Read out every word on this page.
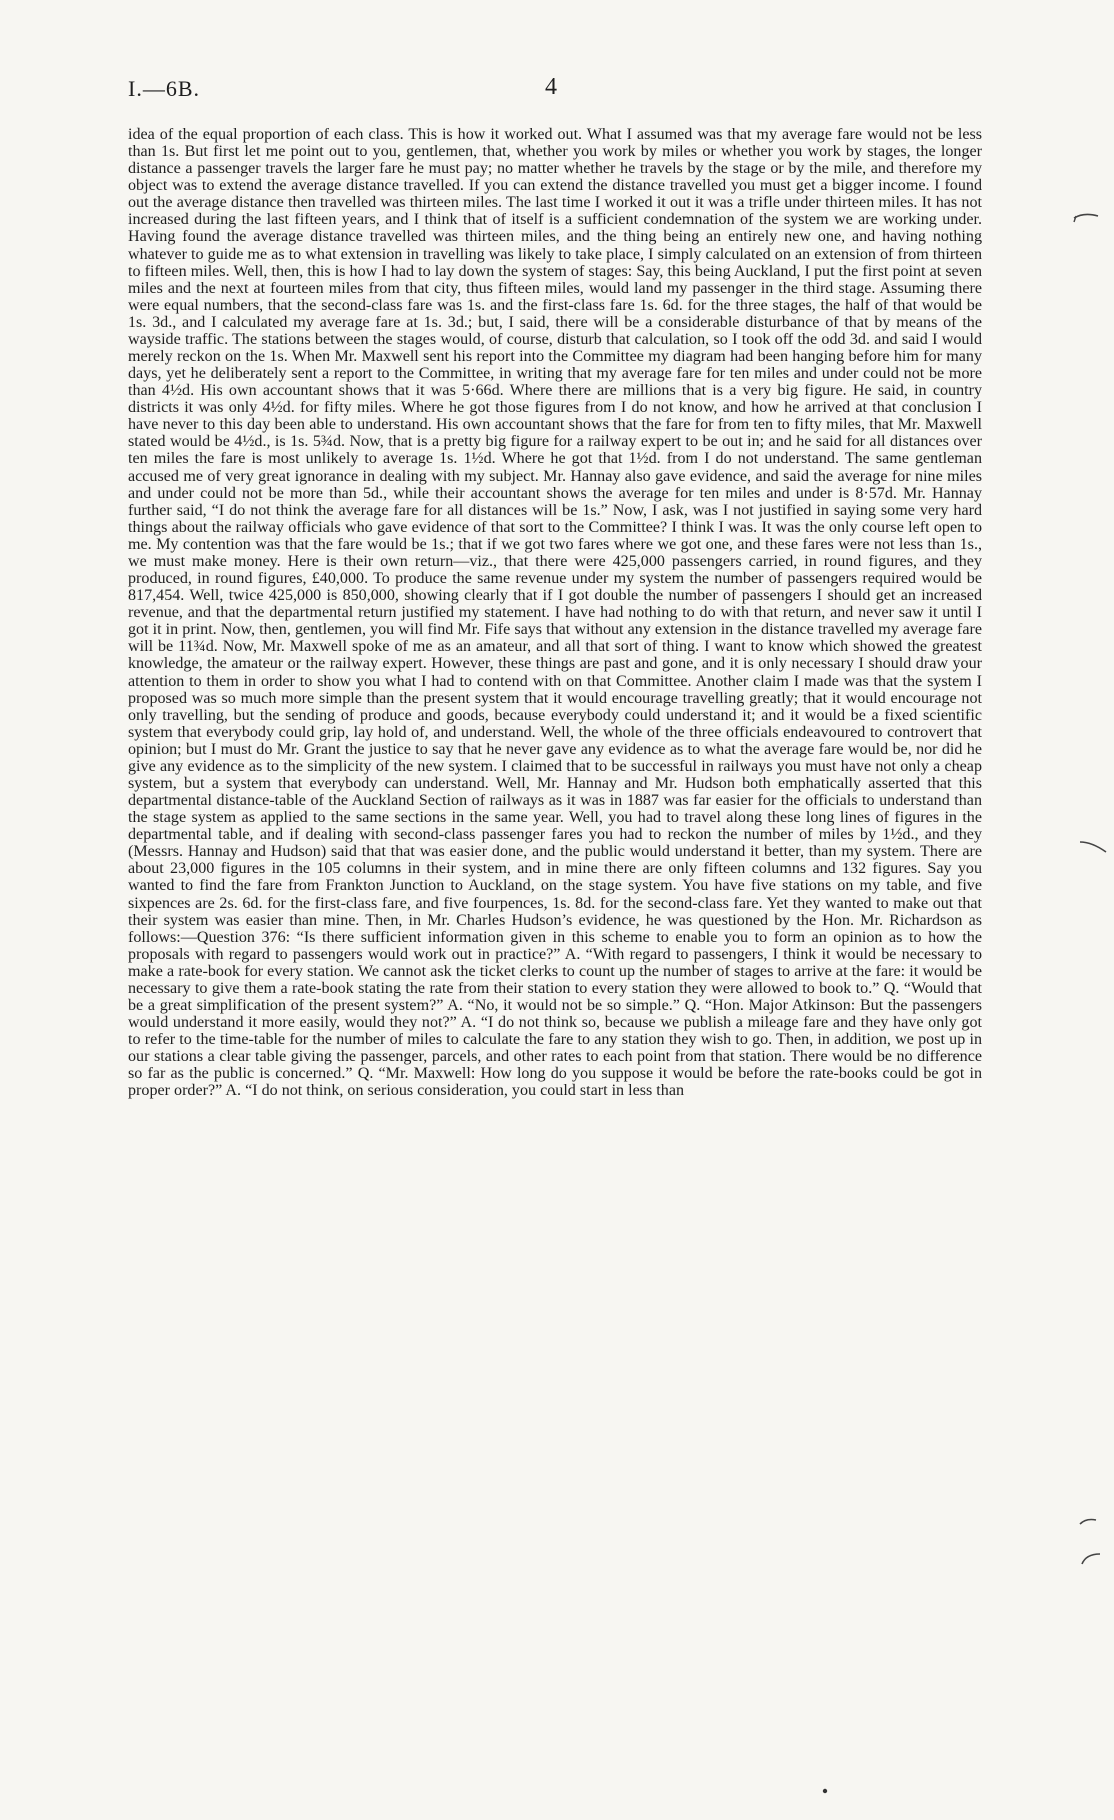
I.—6B.	4

idea of the equal proportion of each class. This is how it worked out. What I assumed was that my average fare would not be less than 1s. But first let me point out to you, gentlemen, that, whether you work by miles or whether you work by stages, the longer distance a passenger travels the larger fare he must pay; no matter whether he travels by the stage or by the mile, and therefore my object was to extend the average distance travelled. If you can extend the distance travelled you must get a bigger income. I found out the average distance then travelled was thirteen miles. The last time I worked it out it was a trifle under thirteen miles. It has not increased during the last fifteen years, and I think that of itself is a sufficient condemnation of the system we are working under. Having found the average distance travelled was thirteen miles, and the thing being an entirely new one, and having nothing whatever to guide me as to what extension in travelling was likely to take place, I simply calculated on an extension of from thirteen to fifteen miles. Well, then, this is how I had to lay down the system of stages: Say, this being Auckland, I put the first point at seven miles and the next at fourteen miles from that city, thus fifteen miles, would land my passenger in the third stage. Assuming there were equal numbers, that the second-class fare was 1s. and the first-class fare 1s. 6d. for the three stages, the half of that would be 1s. 3d., and I calculated my average fare at 1s. 3d.; but, I said, there will be a considerable disturbance of that by means of the wayside traffic. The stations between the stages would, of course, disturb that calculation, so I took off the odd 3d. and said I would merely reckon on the 1s. When Mr. Maxwell sent his report into the Committee my diagram had been hanging before him for many days, yet he deliberately sent a report to the Committee, in writing that my average fare for ten miles and under could not be more than 4½d. His own accountant shows that it was 5·66d. Where there are millions that is a very big figure. He said, in country districts it was only 4½d. for fifty miles. Where he got those figures from I do not know, and how he arrived at that conclusion I have never to this day been able to understand. His own accountant shows that the fare for from ten to fifty miles, that Mr. Maxwell stated would be 4½d., is 1s. 5¾d. Now, that is a pretty big figure for a railway expert to be out in; and he said for all distances over ten miles the fare is most unlikely to average 1s. 1½d. Where he got that 1½d. from I do not understand. The same gentleman accused me of very great ignorance in dealing with my subject. Mr. Hannay also gave evidence, and said the average for nine miles and under could not be more than 5d., while their accountant shows the average for ten miles and under is 8·57d. Mr. Hannay further said, “I do not think the average fare for all distances will be 1s.” Now, I ask, was I not justified in saying some very hard things about the railway officials who gave evidence of that sort to the Committee? I think I was. It was the only course left open to me. My contention was that the fare would be 1s.; that if we got two fares where we got one, and these fares were not less than 1s., we must make money. Here is their own return—viz., that there were 425,000 passengers carried, in round figures, and they produced, in round figures, £40,000. To produce the same revenue under my system the number of passengers required would be 817,454. Well, twice 425,000 is 850,000, showing clearly that if I got double the number of passengers I should get an increased revenue, and that the departmental return justified my statement. I have had nothing to do with that return, and never saw it until I got it in print. Now, then, gentlemen, you will find Mr. Fife says that without any extension in the distance travelled my average fare will be 11¾d. Now, Mr. Maxwell spoke of me as an amateur, and all that sort of thing. I want to know which showed the greatest knowledge, the amateur or the railway expert. However, these things are past and gone, and it is only necessary I should draw your attention to them in order to show you what I had to contend with on that Committee. Another claim I made was that the system I proposed was so much more simple than the present system that it would encourage travelling greatly; that it would encourage not only travelling, but the sending of produce and goods, because everybody could understand it; and it would be a fixed scientific system that everybody could grip, lay hold of, and understand. Well, the whole of the three officials endeavoured to controvert that opinion; but I must do Mr. Grant the justice to say that he never gave any evidence as to what the average fare would be, nor did he give any evidence as to the simplicity of the new system. I claimed that to be successful in railways you must have not only a cheap system, but a system that everybody can understand. Well, Mr. Hannay and Mr. Hudson both emphatically asserted that this departmental distance-table of the Auckland Section of railways as it was in 1887 was far easier for the officials to understand than the stage system as applied to the same sections in the same year. Well, you had to travel along these long lines of figures in the departmental table, and if dealing with second-class passenger fares you had to reckon the number of miles by 1½d., and they (Messrs. Hannay and Hudson) said that that was easier done, and the public would understand it better, than my system. There are about 23,000 figures in the 105 columns in their system, and in mine there are only fifteen columns and 132 figures. Say you wanted to find the fare from Frankton Junction to Auckland, on the stage system. You have five stations on my table, and five sixpences are 2s. 6d. for the first-class fare, and five fourpences, 1s. 8d. for the second-class fare. Yet they wanted to make out that their system was easier than mine. Then, in Mr. Charles Hudson’s evidence, he was questioned by the Hon. Mr. Richardson as follows:—Question 376: “Is there sufficient information given in this scheme to enable you to form an opinion as to how the proposals with regard to passengers would work out in practice?” A. “With regard to passengers, I think it would be necessary to make a rate-book for every station. We cannot ask the ticket clerks to count up the number of stages to arrive at the fare: it would be necessary to give them a rate-book stating the rate from their station to every station they were allowed to book to.” Q. “Would that be a great simplification of the present system?” A. “No, it would not be so simple.” Q. “Hon. Major Atkinson: But the passengers would understand it more easily, would they not?” A. “I do not think so, because we publish a mileage fare and they have only got to refer to the time-table for the number of miles to calculate the fare to any station they wish to go. Then, in addition, we post up in our stations a clear table giving the passenger, parcels, and other rates to each point from that station. There would be no difference so far as the public is concerned.” Q. “Mr. Maxwell: How long do you suppose it would be before the rate-books could be got in proper order?” A. “I do not think, on serious consideration, you could start in less than
